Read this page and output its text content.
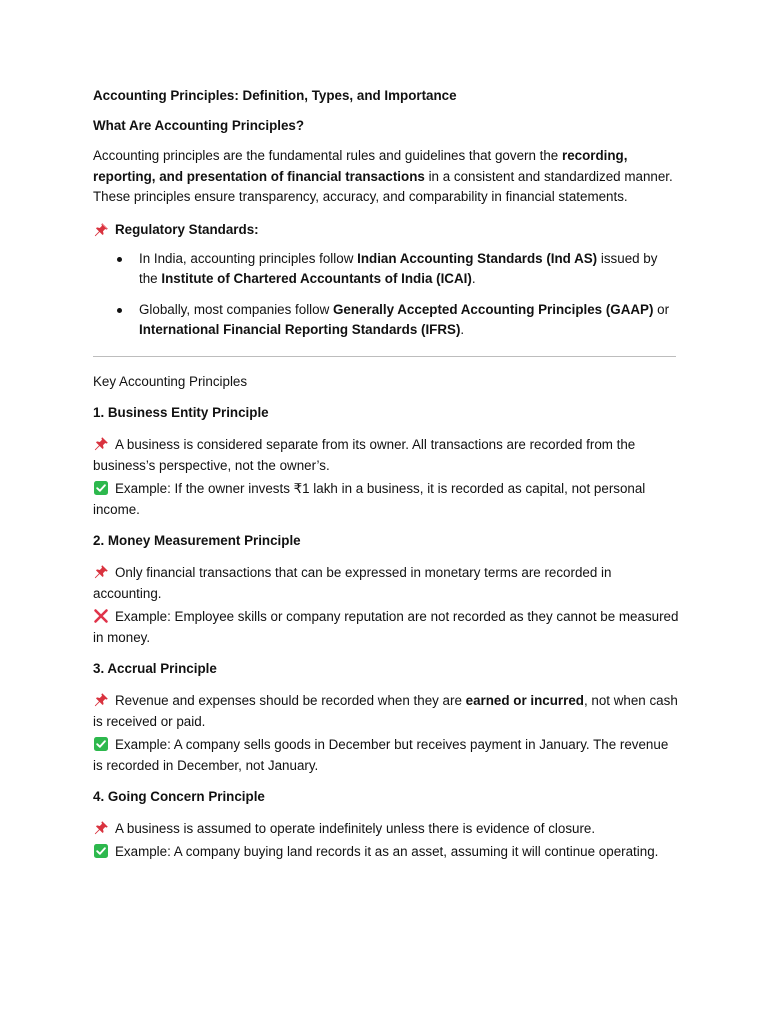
Accounting Principles: Definition, Types, and Importance

What Are Accounting Principles?

Accounting principles are the fundamental rules and guidelines that govern the recording, reporting, and presentation of financial transactions in a consistent and standardized manner. These principles ensure transparency, accuracy, and comparability in financial statements.

Regulatory Standards:

In India, accounting principles follow Indian Accounting Standards (Ind AS) issued by the Institute of Chartered Accountants of India (ICAI).
Globally, most companies follow Generally Accepted Accounting Principles (GAAP) or International Financial Reporting Standards (IFRS).

Key Accounting Principles

1. Business Entity Principle

A business is considered separate from its owner. All transactions are recorded from the business’s perspective, not the owner’s.

Example: If the owner invests ₹1 lakh in a business, it is recorded as capital, not personal income.

2. Money Measurement Principle

Only financial transactions that can be expressed in monetary terms are recorded in accounting.

Example: Employee skills or company reputation are not recorded as they cannot be measured in money.

3. Accrual Principle

Revenue and expenses should be recorded when they are earned or incurred, not when cash is received or paid.

Example: A company sells goods in December but receives payment in January. The revenue is recorded in December, not January.

4. Going Concern Principle

A business is assumed to operate indefinitely unless there is evidence of closure.

Example: A company buying land records it as an asset, assuming it will continue operating.
